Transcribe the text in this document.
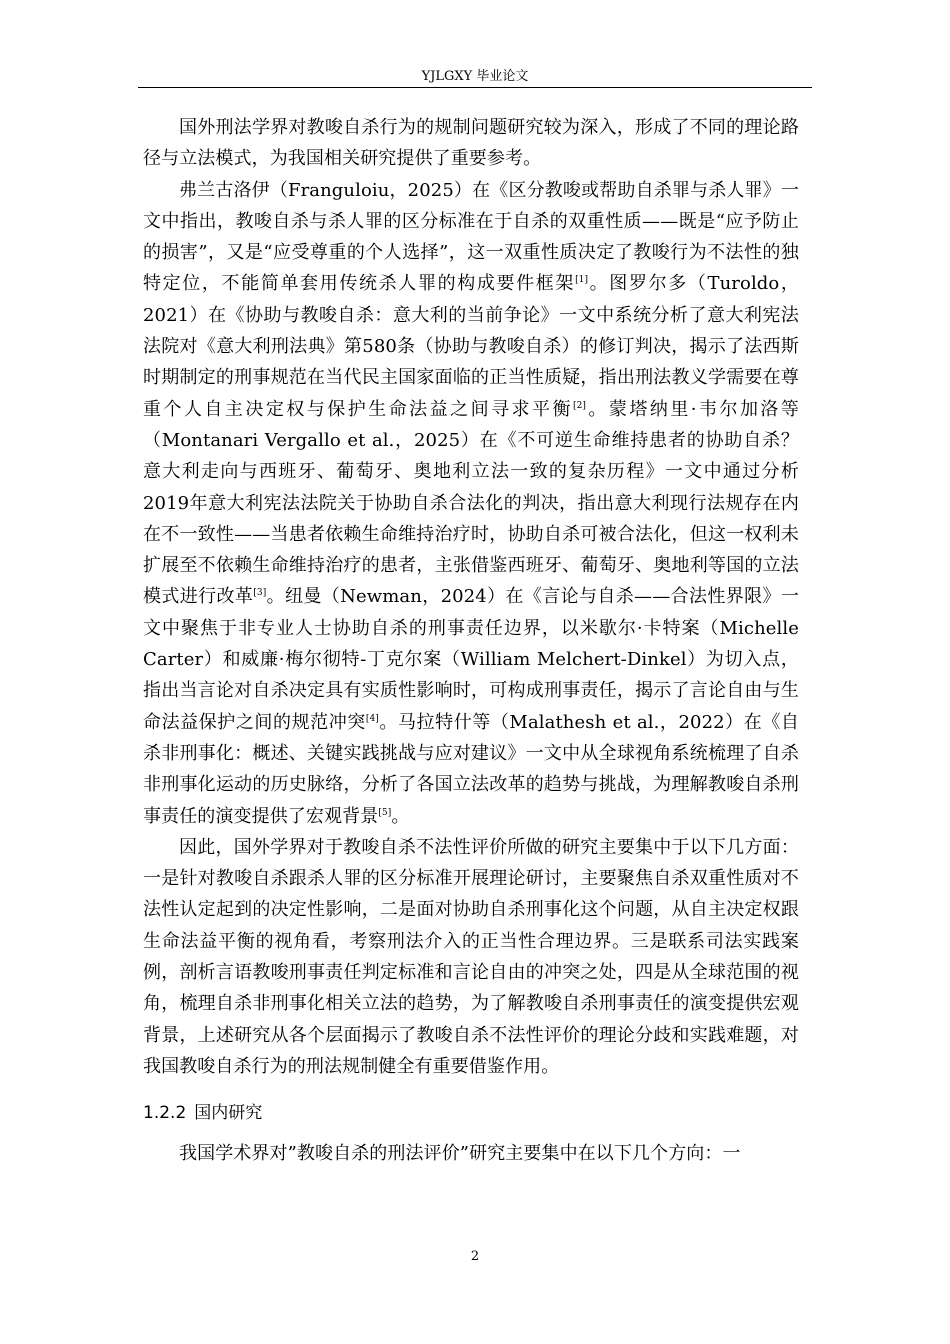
YJLGXY 毕业论文

国外刑法学界对教唆自杀行为的规制问题研究较为深入，形成了不同的理论路径与立法模式，为我国相关研究提供了重要参考。

弗兰古洛伊（Franguloiu，2025）在《区分教唆或帮助自杀罪与杀人罪》一文中指出，教唆自杀与杀人罪的区分标准在于自杀的双重性质——既是“应予防止的损害”，又是“应受尊重的个人选择”，这一双重性质决定了教唆行为不法性的独特定位，不能简单套用传统杀人罪的构成要件框架[1]。图罗尔多（Turoldo，2021）在《协助与教唆自杀：意大利的当前争论》一文中系统分析了意大利宪法法院对《意大利刑法典》第580条（协助与教唆自杀）的修订判决，揭示了法西斯时期制定的刑事规范在当代民主国家面临的正当性质疑，指出刑法教义学需要在尊重个人自主决定权与保护生命法益之间寻求平衡[2]。蒙塔纳里·韦尔加洛等（Montanari Vergallo et al.，2025）在《不可逆生命维持患者的协助自杀？意大利走向与西班牙、葡萄牙、奥地利立法一致的复杂历程》一文中通过分析2019年意大利宪法法院关于协助自杀合法化的判决，指出意大利现行法规存在内在不一致性——当患者依赖生命维持治疗时，协助自杀可被合法化，但这一权利未扩展至不依赖生命维持治疗的患者，主张借鉴西班牙、葡萄牙、奥地利等国的立法模式进行改革[3]。纽曼（Newman，2024）在《言论与自杀——合法性界限》一文中聚焦于非专业人士协助自杀的刑事责任边界，以米歇尔·卡特案（Michelle Carter）和威廉·梅尔彻特-丁克尔案（William Melchert-Dinkel）为切入点，指出当言论对自杀决定具有实质性影响时，可构成刑事责任，揭示了言论自由与生命法益保护之间的规范冲突[4]。马拉特什等（Malathesh et al.，2022）在《自杀非刑事化：概述、关键实践挑战与应对建议》一文中从全球视角系统梳理了自杀非刑事化运动的历史脉络，分析了各国立法改革的趋势与挑战，为理解教唆自杀刑事责任的演变提供了宏观背景[5]。

因此，国外学界对于教唆自杀不法性评价所做的研究主要集中于以下几方面：一是针对教唆自杀跟杀人罪的区分标准开展理论研讨，主要聚焦自杀双重性质对不法性认定起到的决定性影响，二是面对协助自杀刑事化这个问题，从自主决定权跟生命法益平衡的视角看，考察刑法介入的正当性合理边界。三是联系司法实践案例，剖析言语教唆刑事责任判定标准和言论自由的冲突之处，四是从全球范围的视角，梳理自杀非刑事化相关立法的趋势，为了解教唆自杀刑事责任的演变提供宏观背景，上述研究从各个层面揭示了教唆自杀不法性评价的理论分歧和实践难题，对我国教唆自杀行为的刑法规制健全有重要借鉴作用。

1.2.2 国内研究

我国学术界对”教唆自杀的刑法评价”研究主要集中在以下几个方向：一

2
